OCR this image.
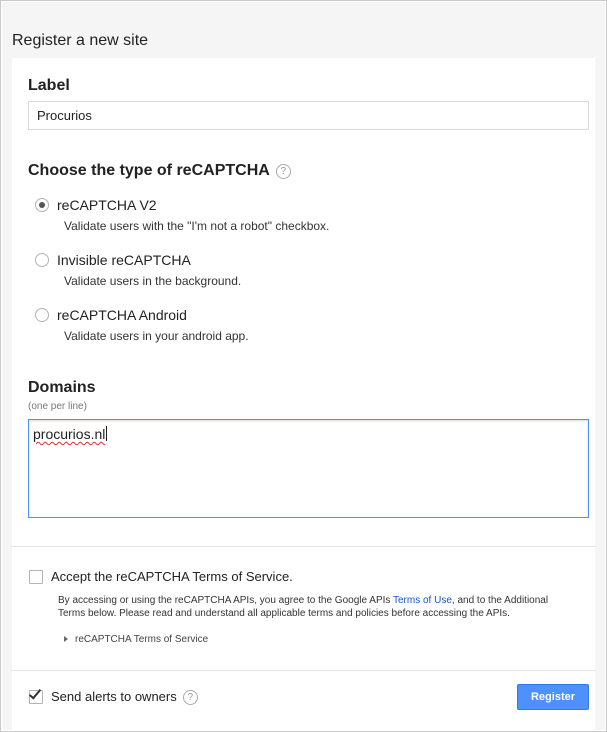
Register a new site
Label
Procurios
Choose the type of reCAPTCHA ?
reCAPTCHA V2
Validate users with the "I'm not a robot" checkbox.
Invisible reCAPTCHA
Validate users in the background.
reCAPTCHA Android
Validate users in your android app.
Domains
(one per line)
procurios.nl
Accept the reCAPTCHA Terms of Service.
By accessing or using the reCAPTCHA APIs, you agree to the Google APIs Terms of Use, and to the Additional
Terms below. Please read and understand all applicable terms and policies before accessing the APIs.
reCAPTCHA Terms of Service
Send alerts to owners ?	Register
